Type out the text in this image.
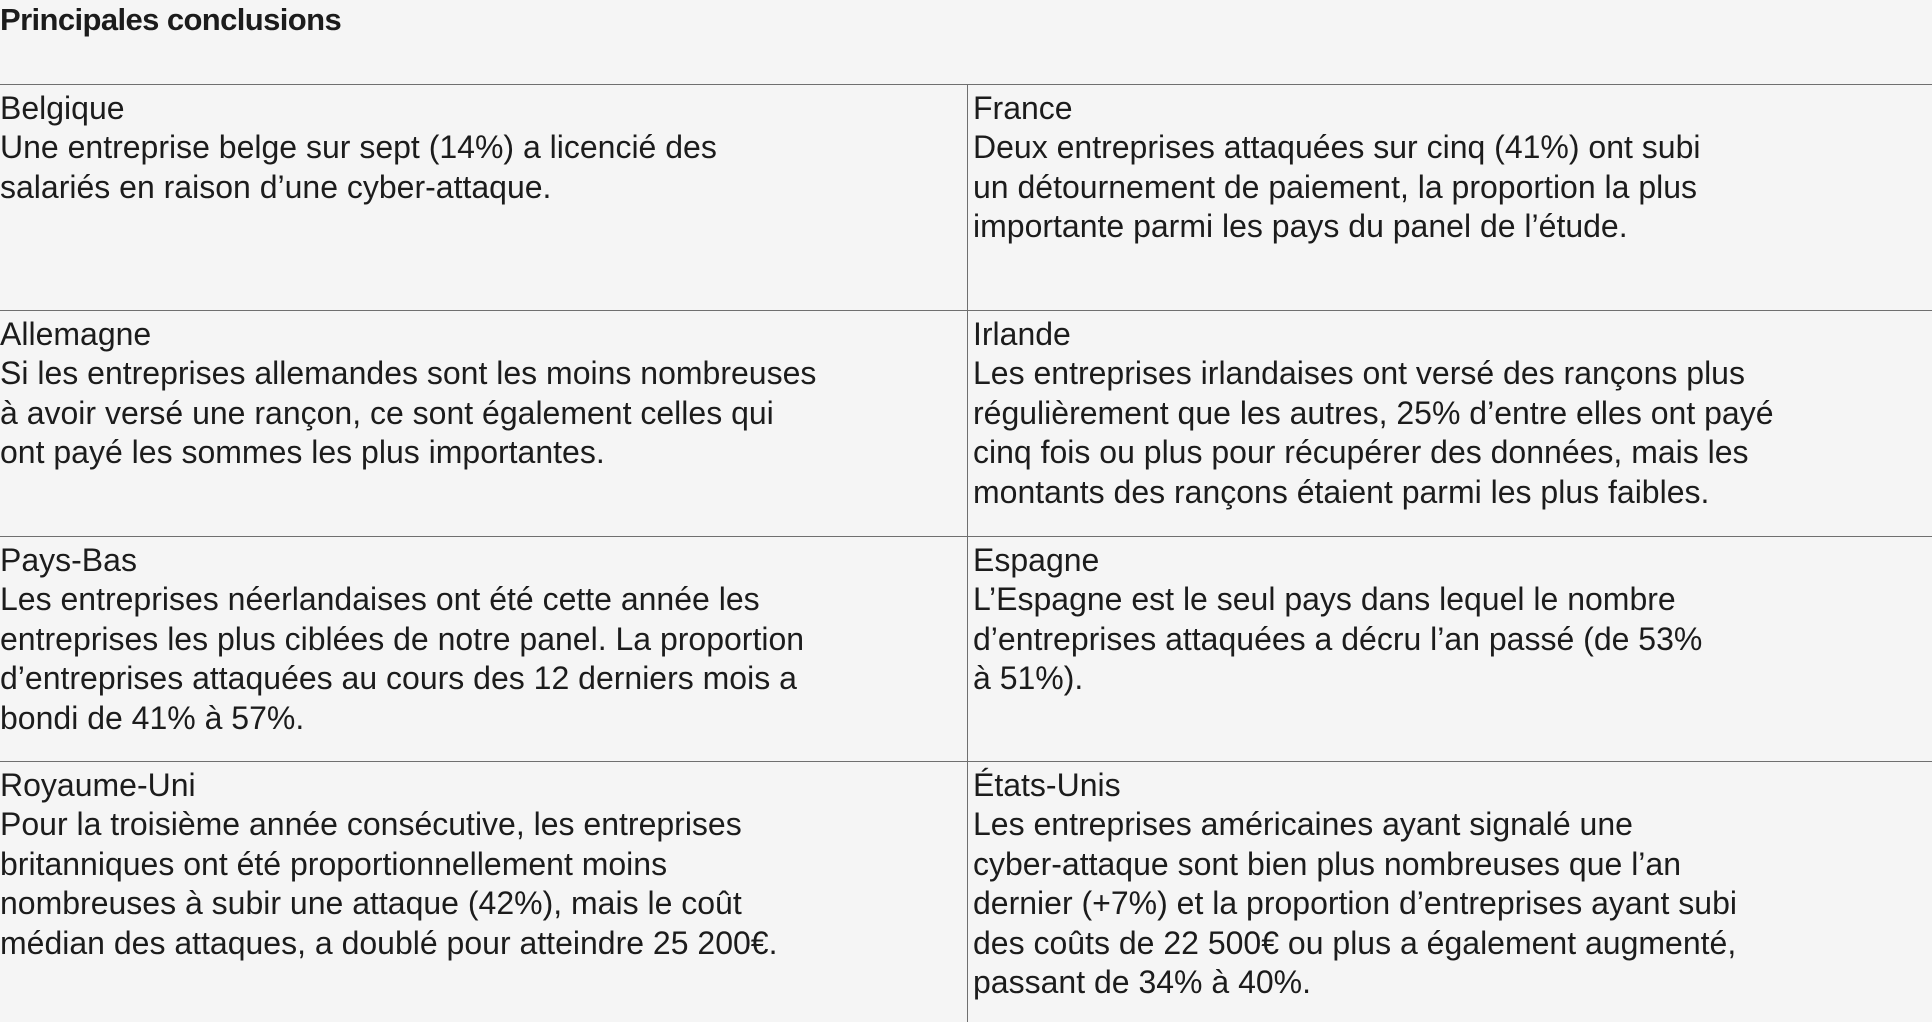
Principales conclusions
Belgique
Une entreprise belge sur sept (14%) a licencié des
salariés en raison d’une cyber-attaque.
France
Deux entreprises attaquées sur cinq (41%) ont subi
un détournement de paiement, la proportion la plus
importante parmi les pays du panel de l’étude.
Allemagne
Si les entreprises allemandes sont les moins nombreuses
à avoir versé une rançon, ce sont également celles qui
ont payé les sommes les plus importantes.
Irlande
Les entreprises irlandaises ont versé des rançons plus
régulièrement que les autres, 25% d’entre elles ont payé
cinq fois ou plus pour récupérer des données, mais les
montants des rançons étaient parmi les plus faibles.
Pays-Bas
Les entreprises néerlandaises ont été cette année les
entreprises les plus ciblées de notre panel. La proportion
d’entreprises attaquées au cours des 12 derniers mois a
bondi de 41% à 57%.
Espagne
L’Espagne est le seul pays dans lequel le nombre
d’entreprises attaquées a décru l’an passé (de 53%
à 51%).
Royaume-Uni
Pour la troisième année consécutive, les entreprises
britanniques ont été proportionnellement moins
nombreuses à subir une attaque (42%), mais le coût
médian des attaques, a doublé pour atteindre 25 200€.
États-Unis
Les entreprises américaines ayant signalé une
cyber-attaque sont bien plus nombreuses que l’an
dernier (+7%) et la proportion d’entreprises ayant subi
des coûts de 22 500€ ou plus a également augmenté,
passant de 34% à 40%.
